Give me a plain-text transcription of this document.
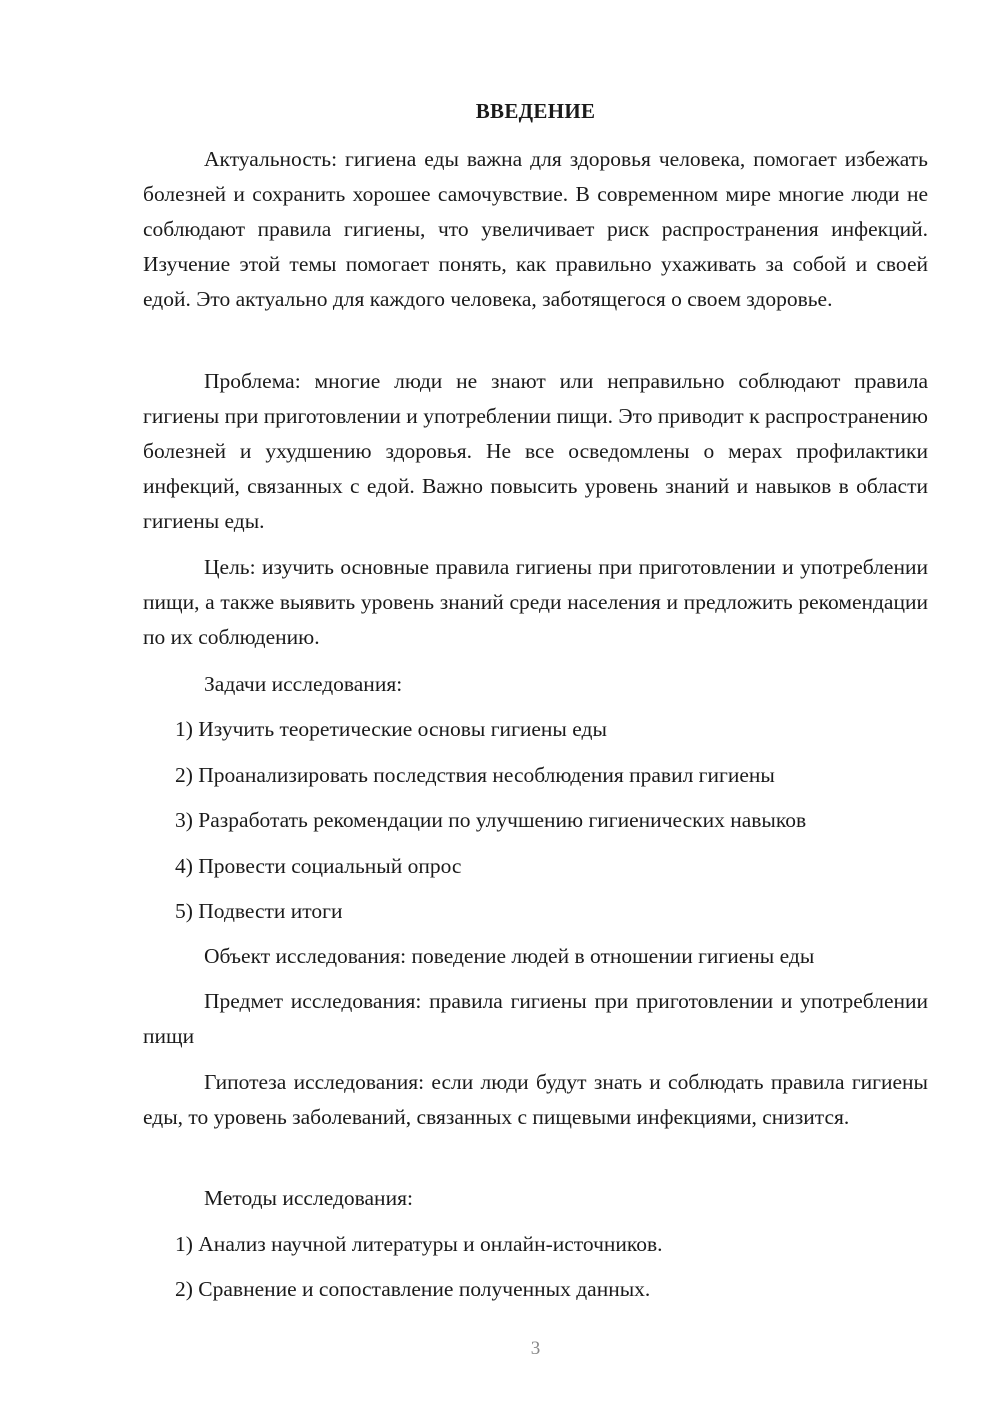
ВВЕДЕНИЕ

Актуальность: гигиена еды важна для здоровья человека, помогает избежать болезней и сохранить хорошее самочувствие. В современном мире многие люди не соблюдают правила гигиены, что увеличивает риск распространения инфекций. Изучение этой темы помогает понять, как правильно ухаживать за собой и своей едой. Это актуально для каждого человека, заботящегося о своем здоровье.

Проблема: многие люди не знают или неправильно соблюдают правила гигиены при приготовлении и употреблении пищи. Это приводит к распространению болезней и ухудшению здоровья. Не все осведомлены о мерах профилактики инфекций, связанных с едой. Важно повысить уровень знаний и навыков в области гигиены еды.

Цель: изучить основные правила гигиены при приготовлении и употреблении пищи, а также выявить уровень знаний среди населения и предложить рекомендации по их соблюдению.

Задачи исследования:
1) Изучить теоретические основы гигиены еды
2) Проанализировать последствия несоблюдения правил гигиены
3) Разработать рекомендации по улучшению гигиенических навыков
4) Провести социальный опрос
5) Подвести итоги
Объект исследования: поведение людей в отношении гигиены еды

Предмет исследования: правила гигиены при приготовлении и употреблении пищи

Гипотеза исследования: если люди будут знать и соблюдать правила гигиены еды, то уровень заболеваний, связанных с пищевыми инфекциями, снизится.

Методы исследования:
1) Анализ научной литературы и онлайн-источников.
2) Сравнение и сопоставление полученных данных.
3
